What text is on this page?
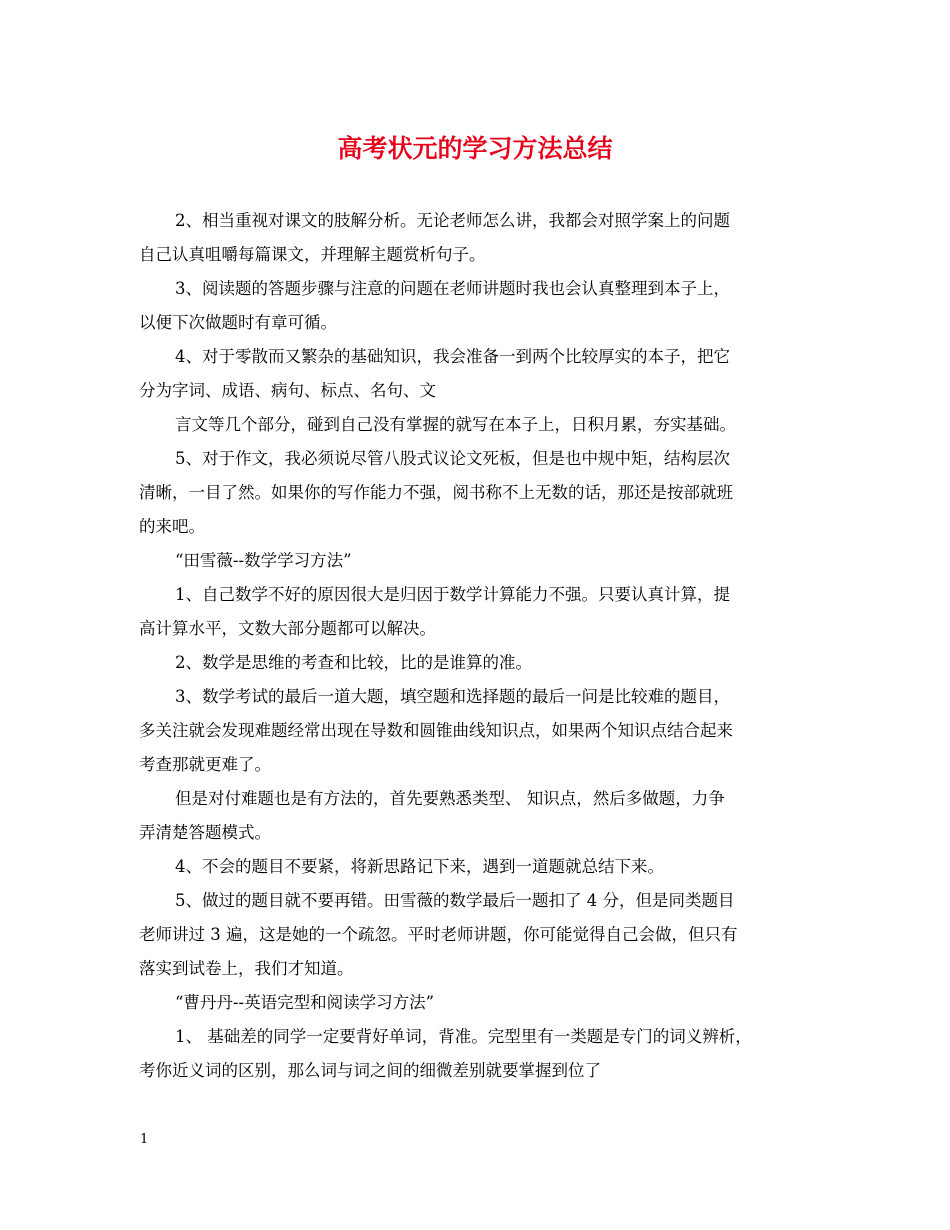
高考状元的学习方法总结

2、相当重视对课文的肢解分析。无论老师怎么讲，我都会对照学案上的问题

自己认真咀嚼每篇课文，并理解主题赏析句子。

3、阅读题的答题步骤与注意的问题在老师讲题时我也会认真整理到本子上，

以便下次做题时有章可循。

4、对于零散而又繁杂的基础知识，我会准备一到两个比较厚实的本子，把它

分为字词、成语、病句、标点、名句、文

言文等几个部分，碰到自己没有掌握的就写在本子上，日积月累，夯实基础。

5、对于作文，我必须说尽管八股式议论文死板，但是也中规中矩，结构层次

清晰，一目了然。如果你的写作能力不强，阅书称不上无数的话，那还是按部就班

的来吧。

“田雪薇--数学学习方法”

1、自己数学不好的原因很大是归因于数学计算能力不强。只要认真计算，提

高计算水平，文数大部分题都可以解决。

2、数学是思维的考查和比较，比的是谁算的准。

3、数学考试的最后一道大题，填空题和选择题的最后一问是比较难的题目，

多关注就会发现难题经常出现在导数和圆锥曲线知识点，如果两个知识点结合起来

考查那就更难了。

但是对付难题也是有方法的，首先要熟悉类型、 知识点，然后多做题，力争

弄清楚答题模式。

4、不会的题目不要紧，将新思路记下来，遇到一道题就总结下来。

5、做过的题目就不要再错。田雪薇的数学最后一题扣了 4 分，但是同类题目

老师讲过 3 遍，这是她的一个疏忽。平时老师讲题，你可能觉得自己会做，但只有

落实到试卷上，我们才知道。

“曹丹丹--英语完型和阅读学习方法”

1、 基础差的同学一定要背好单词，背准。完型里有一类题是专门的词义辨析，

考你近义词的区别，那么词与词之间的细微差别就要掌握到位了

1
